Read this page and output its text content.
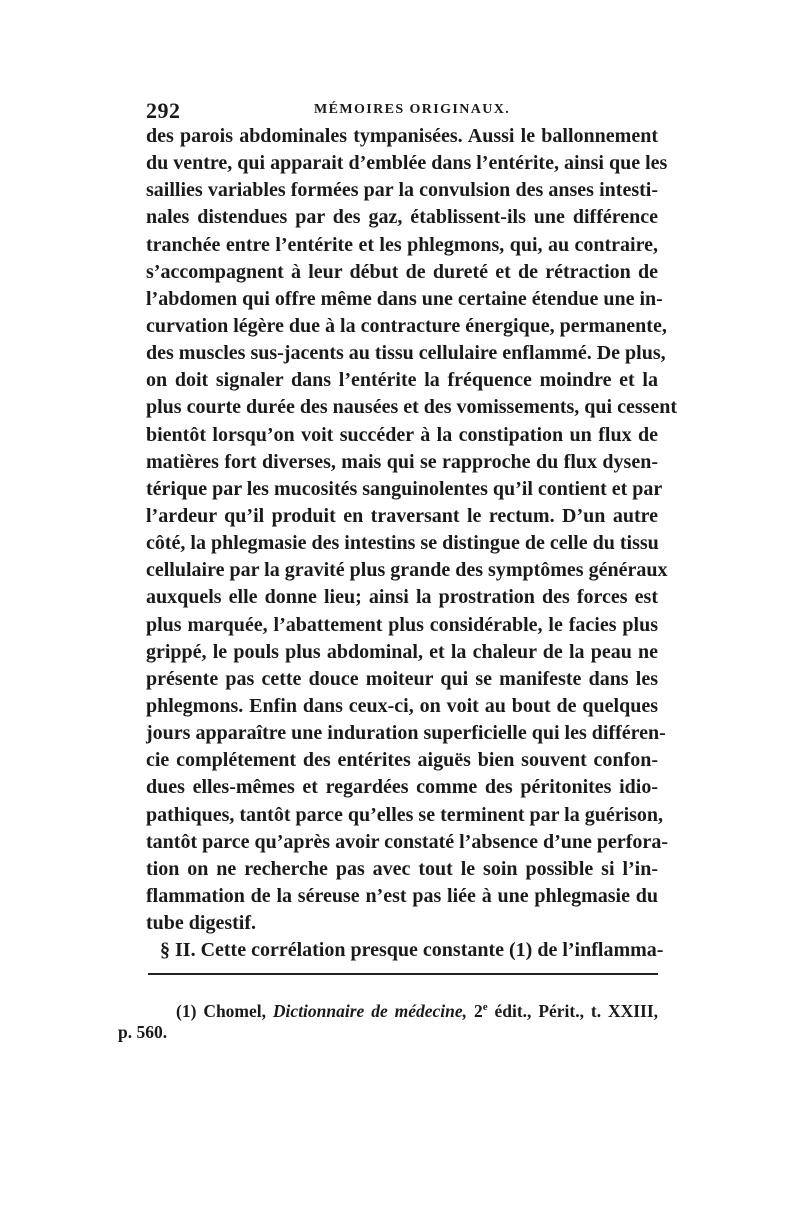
292	MÉMOIRES ORIGINAUX.
des parois abdominales tympanisées. Aussi le ballonnement
du ventre, qui apparait d’emblée dans l’entérite, ainsi que les
saillies variables formées par la convulsion des anses intesti-
nales distendues par des gaz, établissent-ils une différence
tranchée entre l’entérite et les phlegmons, qui, au contraire,
s’accompagnent à leur début de dureté et de rétraction de
l’abdomen qui offre même dans une certaine étendue une in-
curvation légère due à la contracture énergique, permanente,
des muscles sus-jacents au tissu cellulaire enflammé. De plus,
on doit signaler dans l’entérite la fréquence moindre et la
plus courte durée des nausées et des vomissements, qui cessent
bientôt lorsqu’on voit succéder à la constipation un flux de
matières fort diverses, mais qui se rapproche du flux dysen-
térique par les mucosités sanguinolentes qu’il contient et par
l’ardeur qu’il produit en traversant le rectum. D’un autre
côté, la phlegmasie des intestins se distingue de celle du tissu
cellulaire par la gravité plus grande des symptômes généraux
auxquels elle donne lieu; ainsi la prostration des forces est
plus marquée, l’abattement plus considérable, le facies plus
grippé, le pouls plus abdominal, et la chaleur de la peau ne
présente pas cette douce moiteur qui se manifeste dans les
phlegmons. Enfin dans ceux-ci, on voit au bout de quelques
jours apparaître une induration superficielle qui les différen-
cie complétement des entérites aiguës bien souvent confon-
dues elles-mêmes et regardées comme des péritonites idio-
pathiques, tantôt parce qu’elles se terminent par la guérison,
tantôt parce qu’après avoir constaté l’absence d’une perfora-
tion on ne recherche pas avec tout le soin possible si l’in-
flammation de la séreuse n’est pas liée à une phlegmasie du
tube digestif.
§ II. Cette corrélation presque constante (1) de l’inflamma-
(1) Chomel, Dictionnaire de médecine, 2e édit., Périt., t. XXIII,
p. 560.
